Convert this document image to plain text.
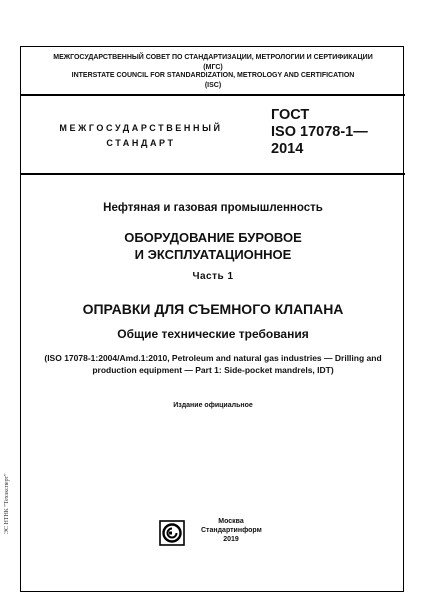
МЕЖГОСУДАРСТВЕННЫЙ СОВЕТ ПО СТАНДАРТИЗАЦИИ, МЕТРОЛОГИИ И СЕРТИФИКАЦИИ
(МГС)
INTERSTATE COUNCIL FOR STANDARDIZATION, METROLOGY AND CERTIFICATION
(ISC)
МЕЖГОСУДАРСТВЕННЫЙ
СТАНДАРТ
ГОСТ
ISO 17078-1—
2014
Нефтяная и газовая промышленность
ОБОРУДОВАНИЕ БУРОВОЕ
И ЭКСПЛУАТАЦИОННОЕ
Часть 1
ОПРАВКИ ДЛЯ СЪЕМНОГО КЛАПАНА
Общие технические требования
(ISO 17078-1:2004/Amd.1:2010, Petroleum and natural gas industries — Drilling and
production equipment — Part 1: Side-pocket mandrels, IDT)
Издание официальное
Москва
Стандартинформ
2019
ЭС НТНК "Техэксперт"
